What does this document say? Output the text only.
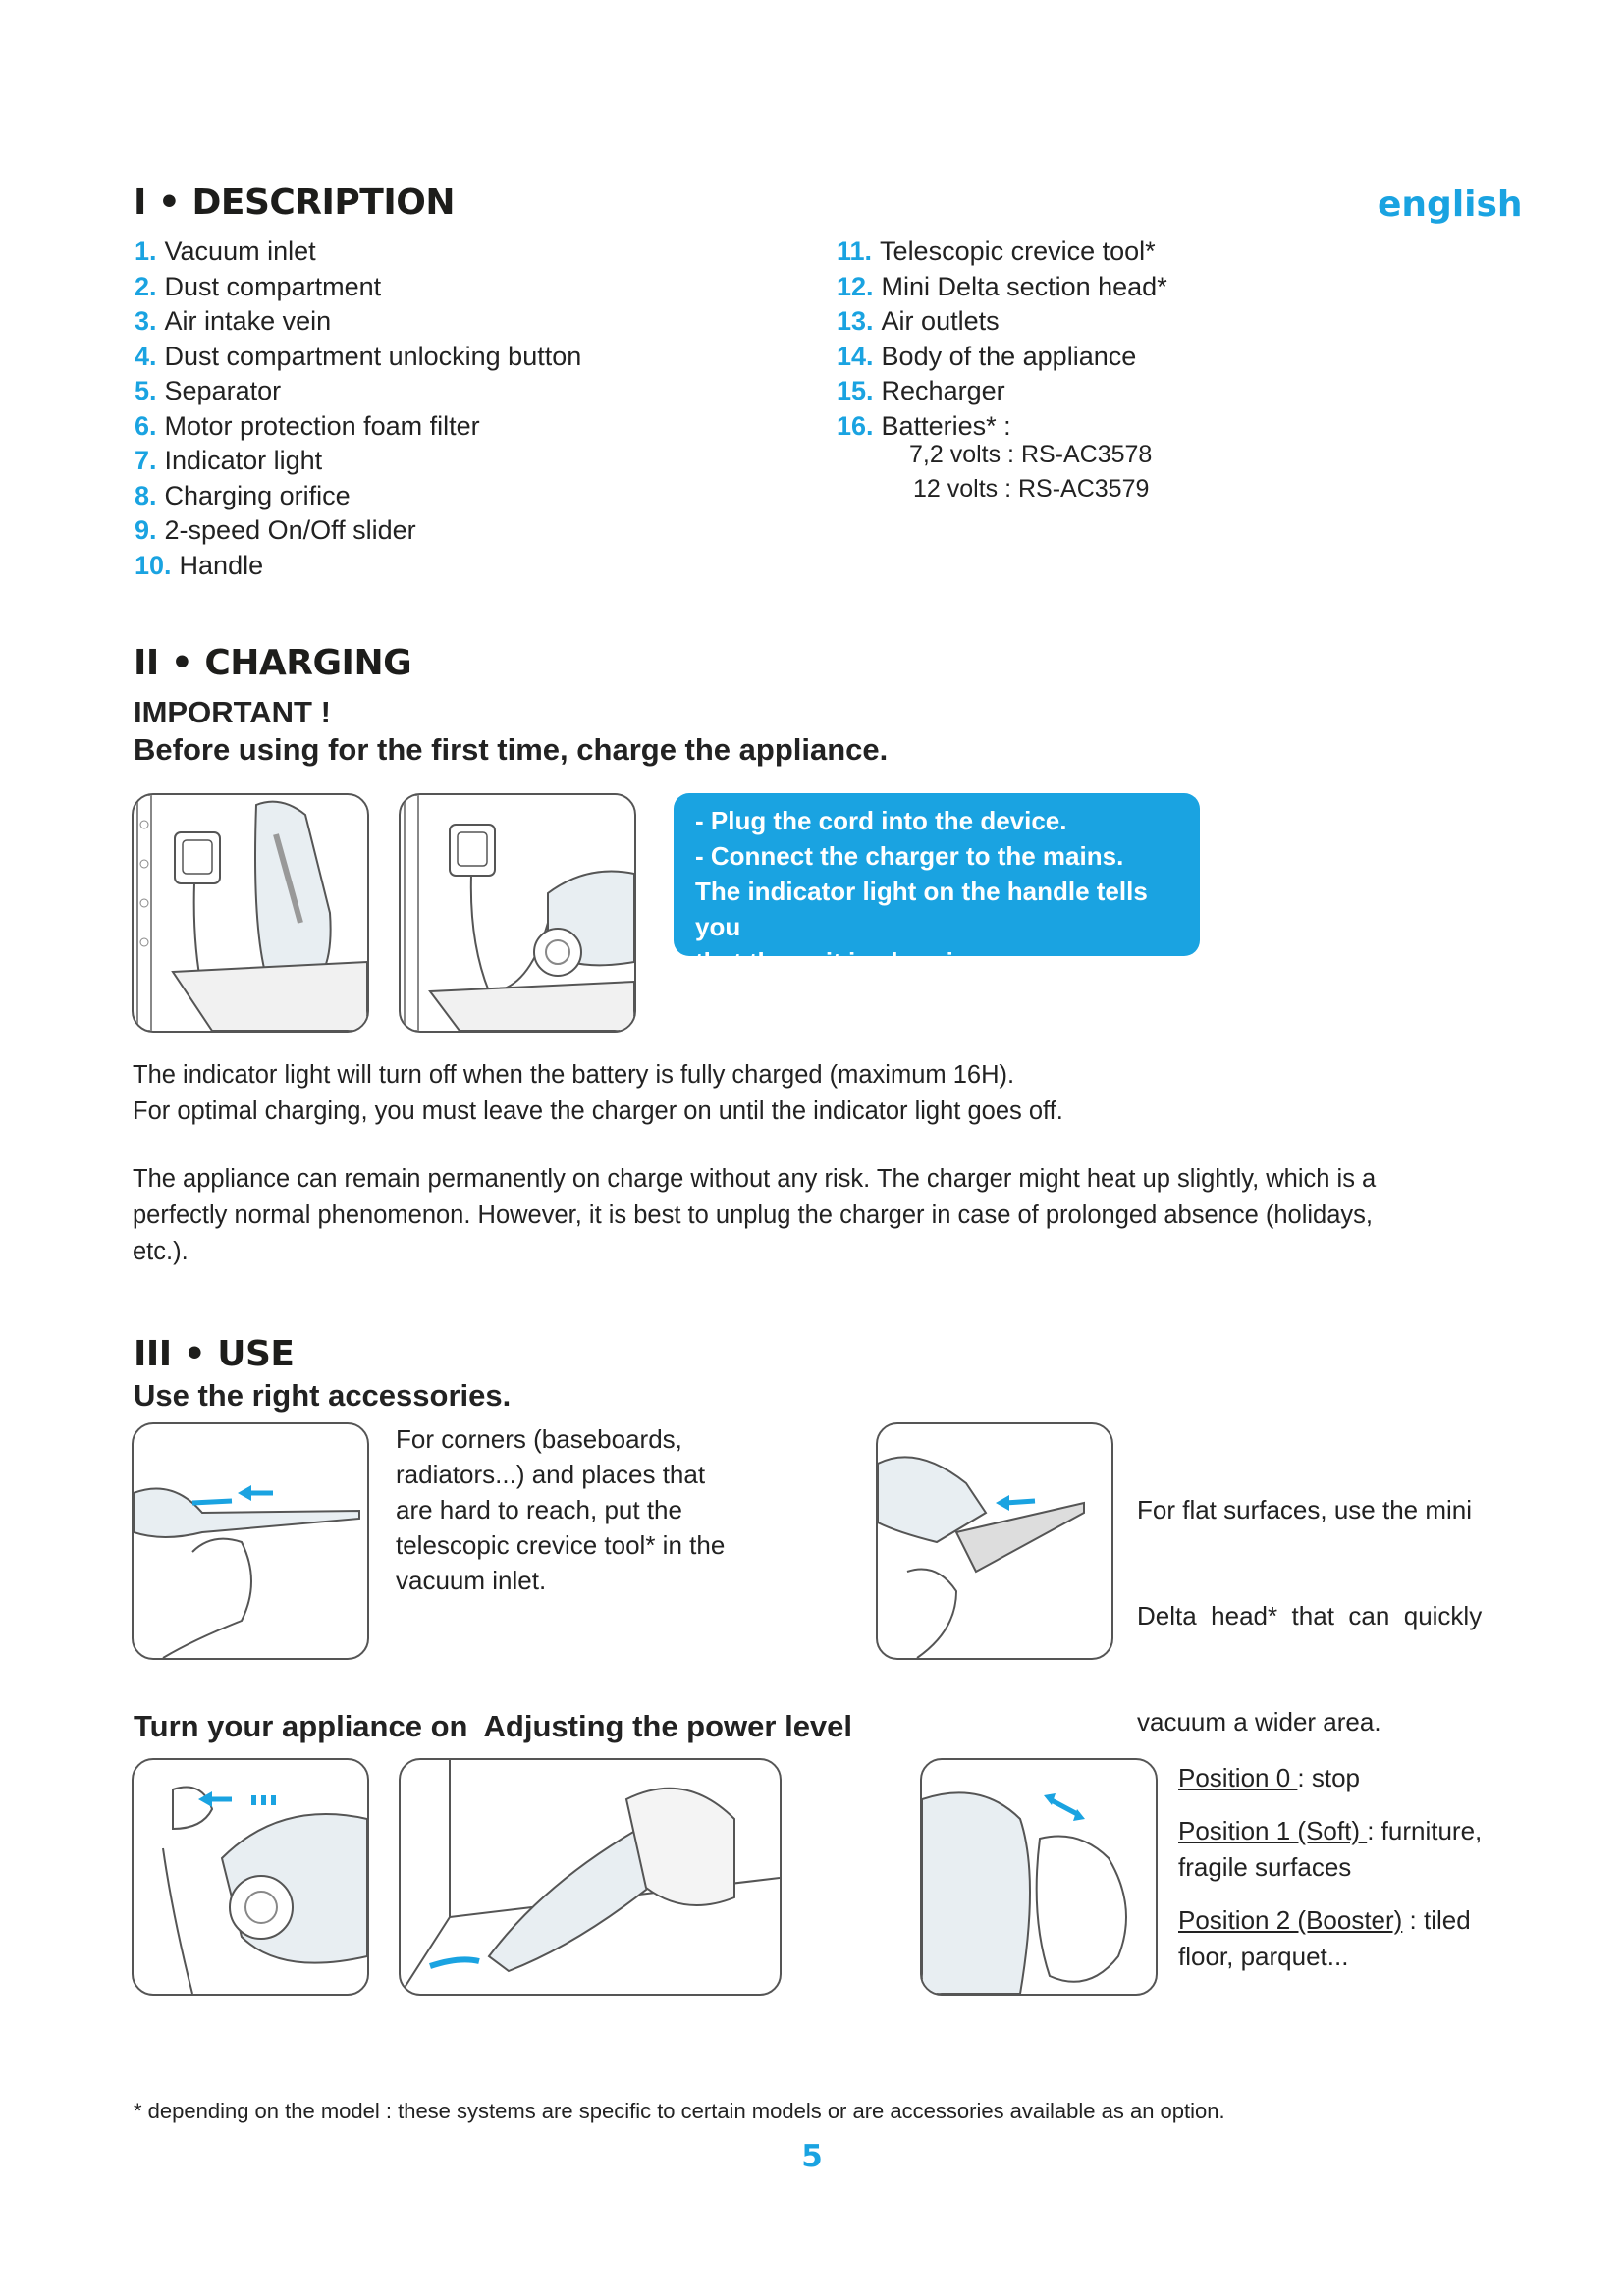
I • DESCRIPTION	english
1. Vacuum inlet
2. Dust compartment
3. Air intake vein
4. Dust compartment unlocking button
5. Separator
6. Motor protection foam filter
7. Indicator light
8. Charging orifice
9. 2-speed On/Off slider
10. Handle
11. Telescopic crevice tool*
12. Mini Delta section head*
13. Air outlets
14. Body of the appliance
15. Recharger
16. Batteries* :
7,2 volts : RS-AC3578
12 volts : RS-AC3579
II • CHARGING
IMPORTANT !
Before using for the first time, charge the appliance.
- Plug the cord into the device.
- Connect the charger to the mains.
The indicator light on the handle tells you
that the unit is charging.
The indicator light will turn off when the battery is fully charged (maximum 16H).
For optimal charging, you must leave the charger on until the indicator light goes off.
The appliance can remain permanently on charge without any risk. The charger might heat up slightly, which is a
perfectly normal phenomenon. However, it is best to unplug the charger in case of prolonged absence (holidays,
etc.).
III • USE
Use the right accessories.
For corners (baseboards,
radiators...) and places that
are hard to reach, put the
telescopic crevice tool* in the
vacuum inlet.

For flat surfaces, use the mini

Delta  head*  that  can  quickly

vacuum a wider area.

Turn your appliance on  Adjusting the power level
Position 0 : stop
Position 1 (Soft) : furniture,
fragile surfaces
Position 2 (Booster) : tiled
floor, parquet...
* depending on the model : these systems are specific to certain models or are accessories available as an option.
5
